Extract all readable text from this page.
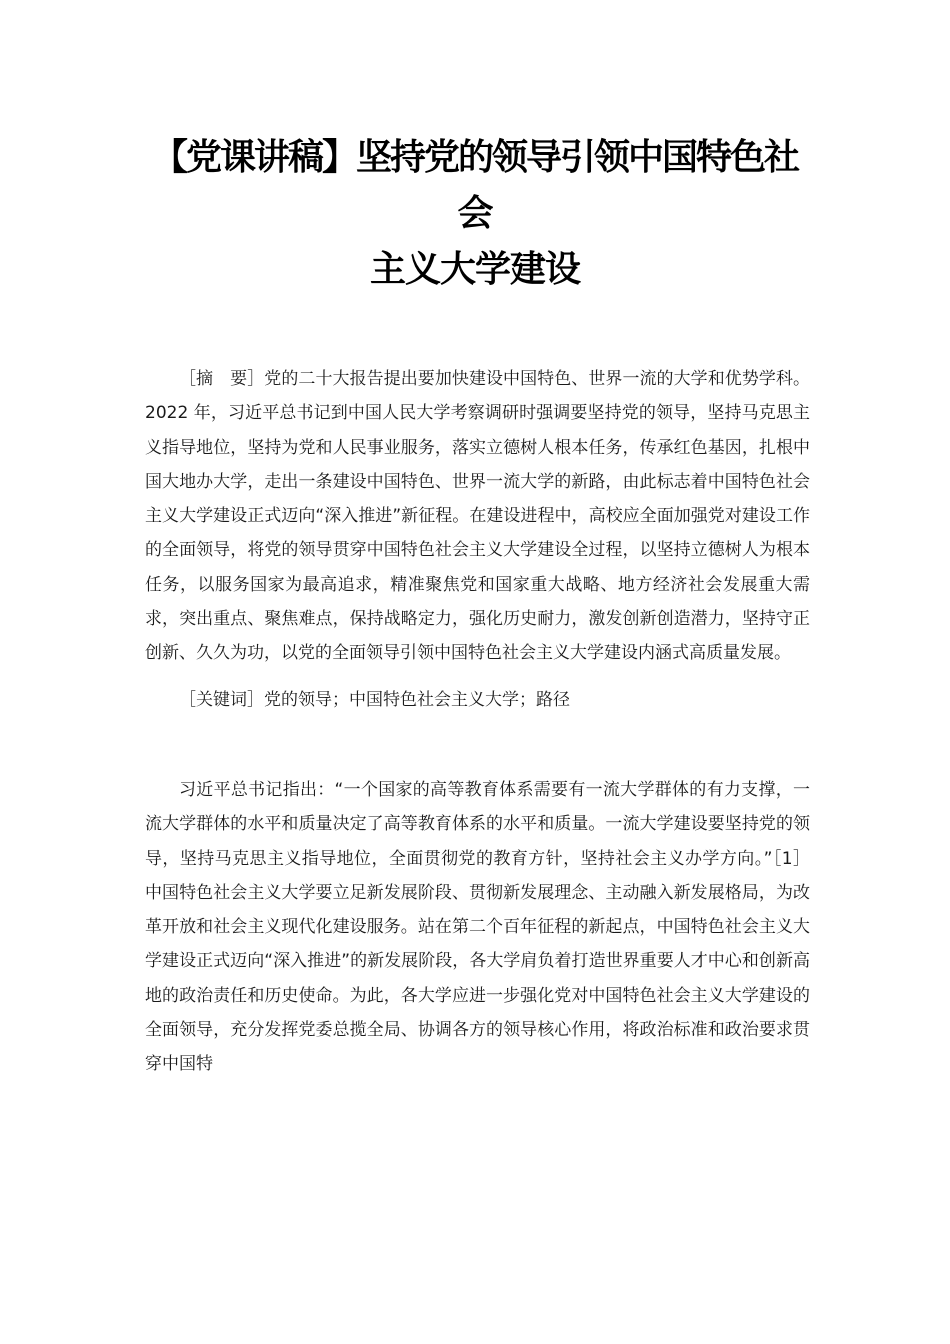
【党课讲稿】坚持党的领导引领中国特色社
会
主义大学建设

［摘　要］党的二十大报告提出要加快建设中国特色、世界一流的大学和优势学科。2022 年，习近平总书记到中国人民大学考察调研时强调要坚持党的领导，坚持马克思主义指导地位，坚持为党和人民事业服务，落实立德树人根本任务，传承红色基因，扎根中国大地办大学，走出一条建设中国特色、世界一流大学的新路，由此标志着中国特色社会主义大学建设正式迈向“深入推进”新征程。在建设进程中，高校应全面加强党对建设工作的全面领导，将党的领导贯穿中国特色社会主义大学建设全过程，以坚持立德树人为根本任务，以服务国家为最高追求，精准聚焦党和国家重大战略、地方经济社会发展重大需求，突出重点、聚焦难点，保持战略定力，强化历史耐力，激发创新创造潜力，坚持守正创新、久久为功，以党的全面领导引领中国特色社会主义大学建设内涵式高质量发展。

［关键词］党的领导；中国特色社会主义大学；路径

习近平总书记指出：“一个国家的高等教育体系需要有一流大学群体的有力支撑，一流大学群体的水平和质量决定了高等教育体系的水平和质量。一流大学建设要坚持党的领导，坚持马克思主义指导地位，全面贯彻党的教育方针，坚持社会主义办学方向。”［1］中国特色社会主义大学要立足新发展阶段、贯彻新发展理念、主动融入新发展格局，为改革开放和社会主义现代化建设服务。站在第二个百年征程的新起点，中国特色社会主义大学建设正式迈向“深入推进”的新发展阶段，各大学肩负着打造世界重要人才中心和创新高地的政治责任和历史使命。为此，各大学应进一步强化党对中国特色社会主义大学建设的全面领导，充分发挥党委总揽全局、协调各方的领导核心作用，将政治标准和政治要求贯穿中国特
